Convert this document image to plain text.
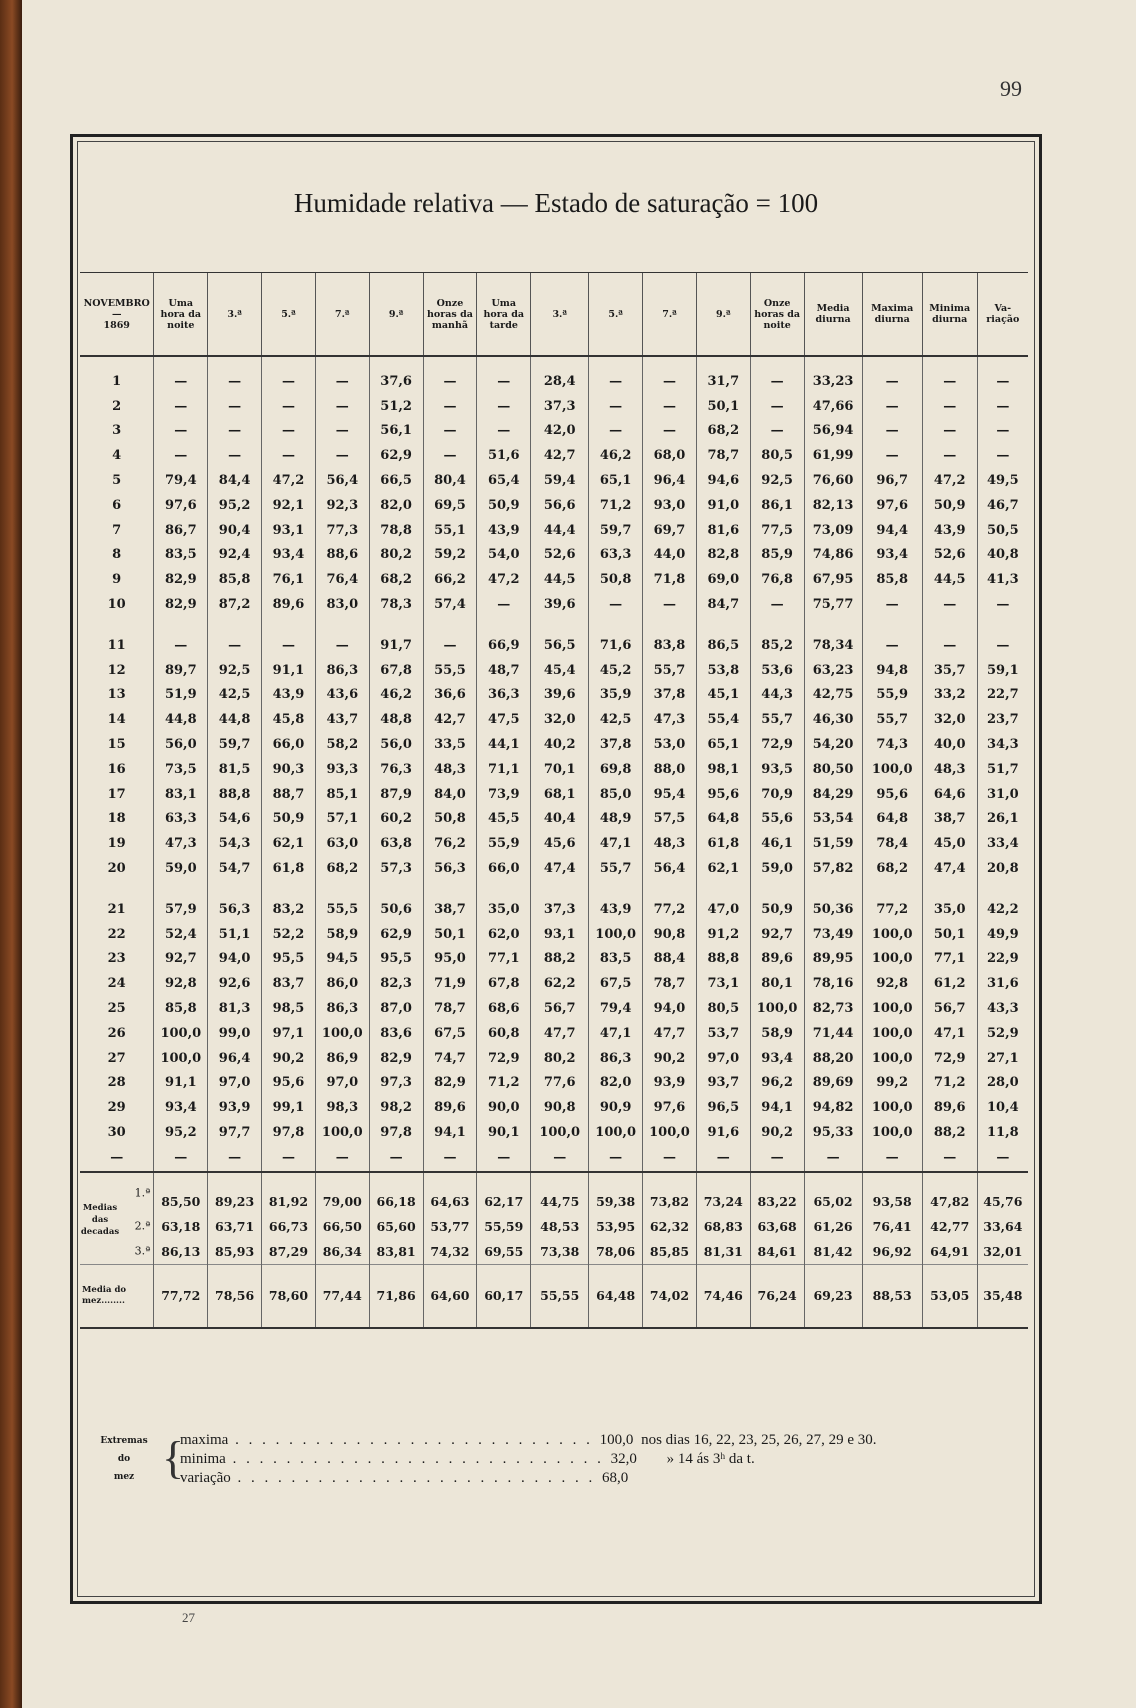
99
Humidade relativa — Estado de saturação = 100
NOVEMBRO
—
1869	Uma hora da noite	3.ª	5.ª	7.ª	9.ª	Onze horas da manhã	Uma hora da tarde	3.ª	5.ª	7.ª	9.ª	Onze horas da noite	Media diurna	Maxima diurna	Minima diurna	Va-riação
1	—	—	—	—	37,6	—	—	28,4	—	—	31,7	—	33,23	—	—	—
2	—	—	—	—	51,2	—	—	37,3	—	—	50,1	—	47,66	—	—	—
3	—	—	—	—	56,1	—	—	42,0	—	—	68,2	—	56,94	—	—	—
4	—	—	—	—	62,9	—	51,6	42,7	46,2	68,0	78,7	80,5	61,99	—	—	—
5	79,4	84,4	47,2	56,4	66,5	80,4	65,4	59,4	65,1	96,4	94,6	92,5	76,60	96,7	47,2	49,5
6	97,6	95,2	92,1	92,3	82,0	69,5	50,9	56,6	71,2	93,0	91,0	86,1	82,13	97,6	50,9	46,7
7	86,7	90,4	93,1	77,3	78,8	55,1	43,9	44,4	59,7	69,7	81,6	77,5	73,09	94,4	43,9	50,5
8	83,5	92,4	93,4	88,6	80,2	59,2	54,0	52,6	63,3	44,0	82,8	85,9	74,86	93,4	52,6	40,8
9	82,9	85,8	76,1	76,4	68,2	66,2	47,2	44,5	50,8	71,8	69,0	76,8	67,95	85,8	44,5	41,3
10	82,9	87,2	89,6	83,0	78,3	57,4	—	39,6	—	—	84,7	—	75,77	—	—	—
11	—	—	—	—	91,7	—	66,9	56,5	71,6	83,8	86,5	85,2	78,34	—	—	—
12	89,7	92,5	91,1	86,3	67,8	55,5	48,7	45,4	45,2	55,7	53,8	53,6	63,23	94,8	35,7	59,1
13	51,9	42,5	43,9	43,6	46,2	36,6	36,3	39,6	35,9	37,8	45,1	44,3	42,75	55,9	33,2	22,7
14	44,8	44,8	45,8	43,7	48,8	42,7	47,5	32,0	42,5	47,3	55,4	55,7	46,30	55,7	32,0	23,7
15	56,0	59,7	66,0	58,2	56,0	33,5	44,1	40,2	37,8	53,0	65,1	72,9	54,20	74,3	40,0	34,3
16	73,5	81,5	90,3	93,3	76,3	48,3	71,1	70,1	69,8	88,0	98,1	93,5	80,50	100,0	48,3	51,7
17	83,1	88,8	88,7	85,1	87,9	84,0	73,9	68,1	85,0	95,4	95,6	70,9	84,29	95,6	64,6	31,0
18	63,3	54,6	50,9	57,1	60,2	50,8	45,5	40,4	48,9	57,5	64,8	55,6	53,54	64,8	38,7	26,1
19	47,3	54,3	62,1	63,0	63,8	76,2	55,9	45,6	47,1	48,3	61,8	46,1	51,59	78,4	45,0	33,4
20	59,0	54,7	61,8	68,2	57,3	56,3	66,0	47,4	55,7	56,4	62,1	59,0	57,82	68,2	47,4	20,8
21	57,9	56,3	83,2	55,5	50,6	38,7	35,0	37,3	43,9	77,2	47,0	50,9	50,36	77,2	35,0	42,2
22	52,4	51,1	52,2	58,9	62,9	50,1	62,0	93,1	100,0	90,8	91,2	92,7	73,49	100,0	50,1	49,9
23	92,7	94,0	95,5	94,5	95,5	95,0	77,1	88,2	83,5	88,4	88,8	89,6	89,95	100,0	77,1	22,9
24	92,8	92,6	83,7	86,0	82,3	71,9	67,8	62,2	67,5	78,7	73,1	80,1	78,16	92,8	61,2	31,6
25	85,8	81,3	98,5	86,3	87,0	78,7	68,6	56,7	79,4	94,0	80,5	100,0	82,73	100,0	56,7	43,3
26	100,0	99,0	97,1	100,0	83,6	67,5	60,8	47,7	47,1	47,7	53,7	58,9	71,44	100,0	47,1	52,9
27	100,0	96,4	90,2	86,9	82,9	74,7	72,9	80,2	86,3	90,2	97,0	93,4	88,20	100,0	72,9	27,1
28	91,1	97,0	95,6	97,0	97,3	82,9	71,2	77,6	82,0	93,9	93,7	96,2	89,69	99,2	71,2	28,0
29	93,4	93,9	99,1	98,3	98,2	89,6	90,0	90,8	90,9	97,6	96,5	94,1	94,82	100,0	89,6	10,4
30	95,2	97,7	97,8	100,0	97,8	94,1	90,1	100,0	100,0	100,0	91,6	90,2	95,33	100,0	88,2	11,8
—	—	—	—	—	—	—	—	—	—	—	—	—	—	—	—	—

1.ª	85,50	89,23	81,92	79,00	66,18	64,63	62,17	44,75	59,38	73,82	73,24	83,22	65,02	93,58	47,82	45,76

Medias das decadas 2.ª	63,18	63,71	66,73	66,50	65,60	53,77	55,59	48,53	53,95	62,32	68,83	63,68	61,26	76,41	42,77	33,64

3.ª	86,13	85,93	87,29	86,34	83,81	74,32	69,55	73,38	78,06	85,85	81,31	84,61	81,42	96,92	64,91	32,01
Media do mez........	77,72	78,56	78,60	77,44	71,86	64,60	60,17	55,55	64,48	74,02	74,46	76,24	69,23	88,53	53,05	35,48
Extremas
do
mez {
maxima . . . . . . . . . . . . . . . . . . . . . . . . . . . 100,0 nos dias 16, 22, 23, 25, 26, 27, 29 e 30.
minima . . . . . . . . . . . . . . . . . . . . . . . . . . . . 32,0 » 14 ás 3ʰ da t.
variação . . . . . . . . . . . . . . . . . . . . . . . . . . . 68,0
27
